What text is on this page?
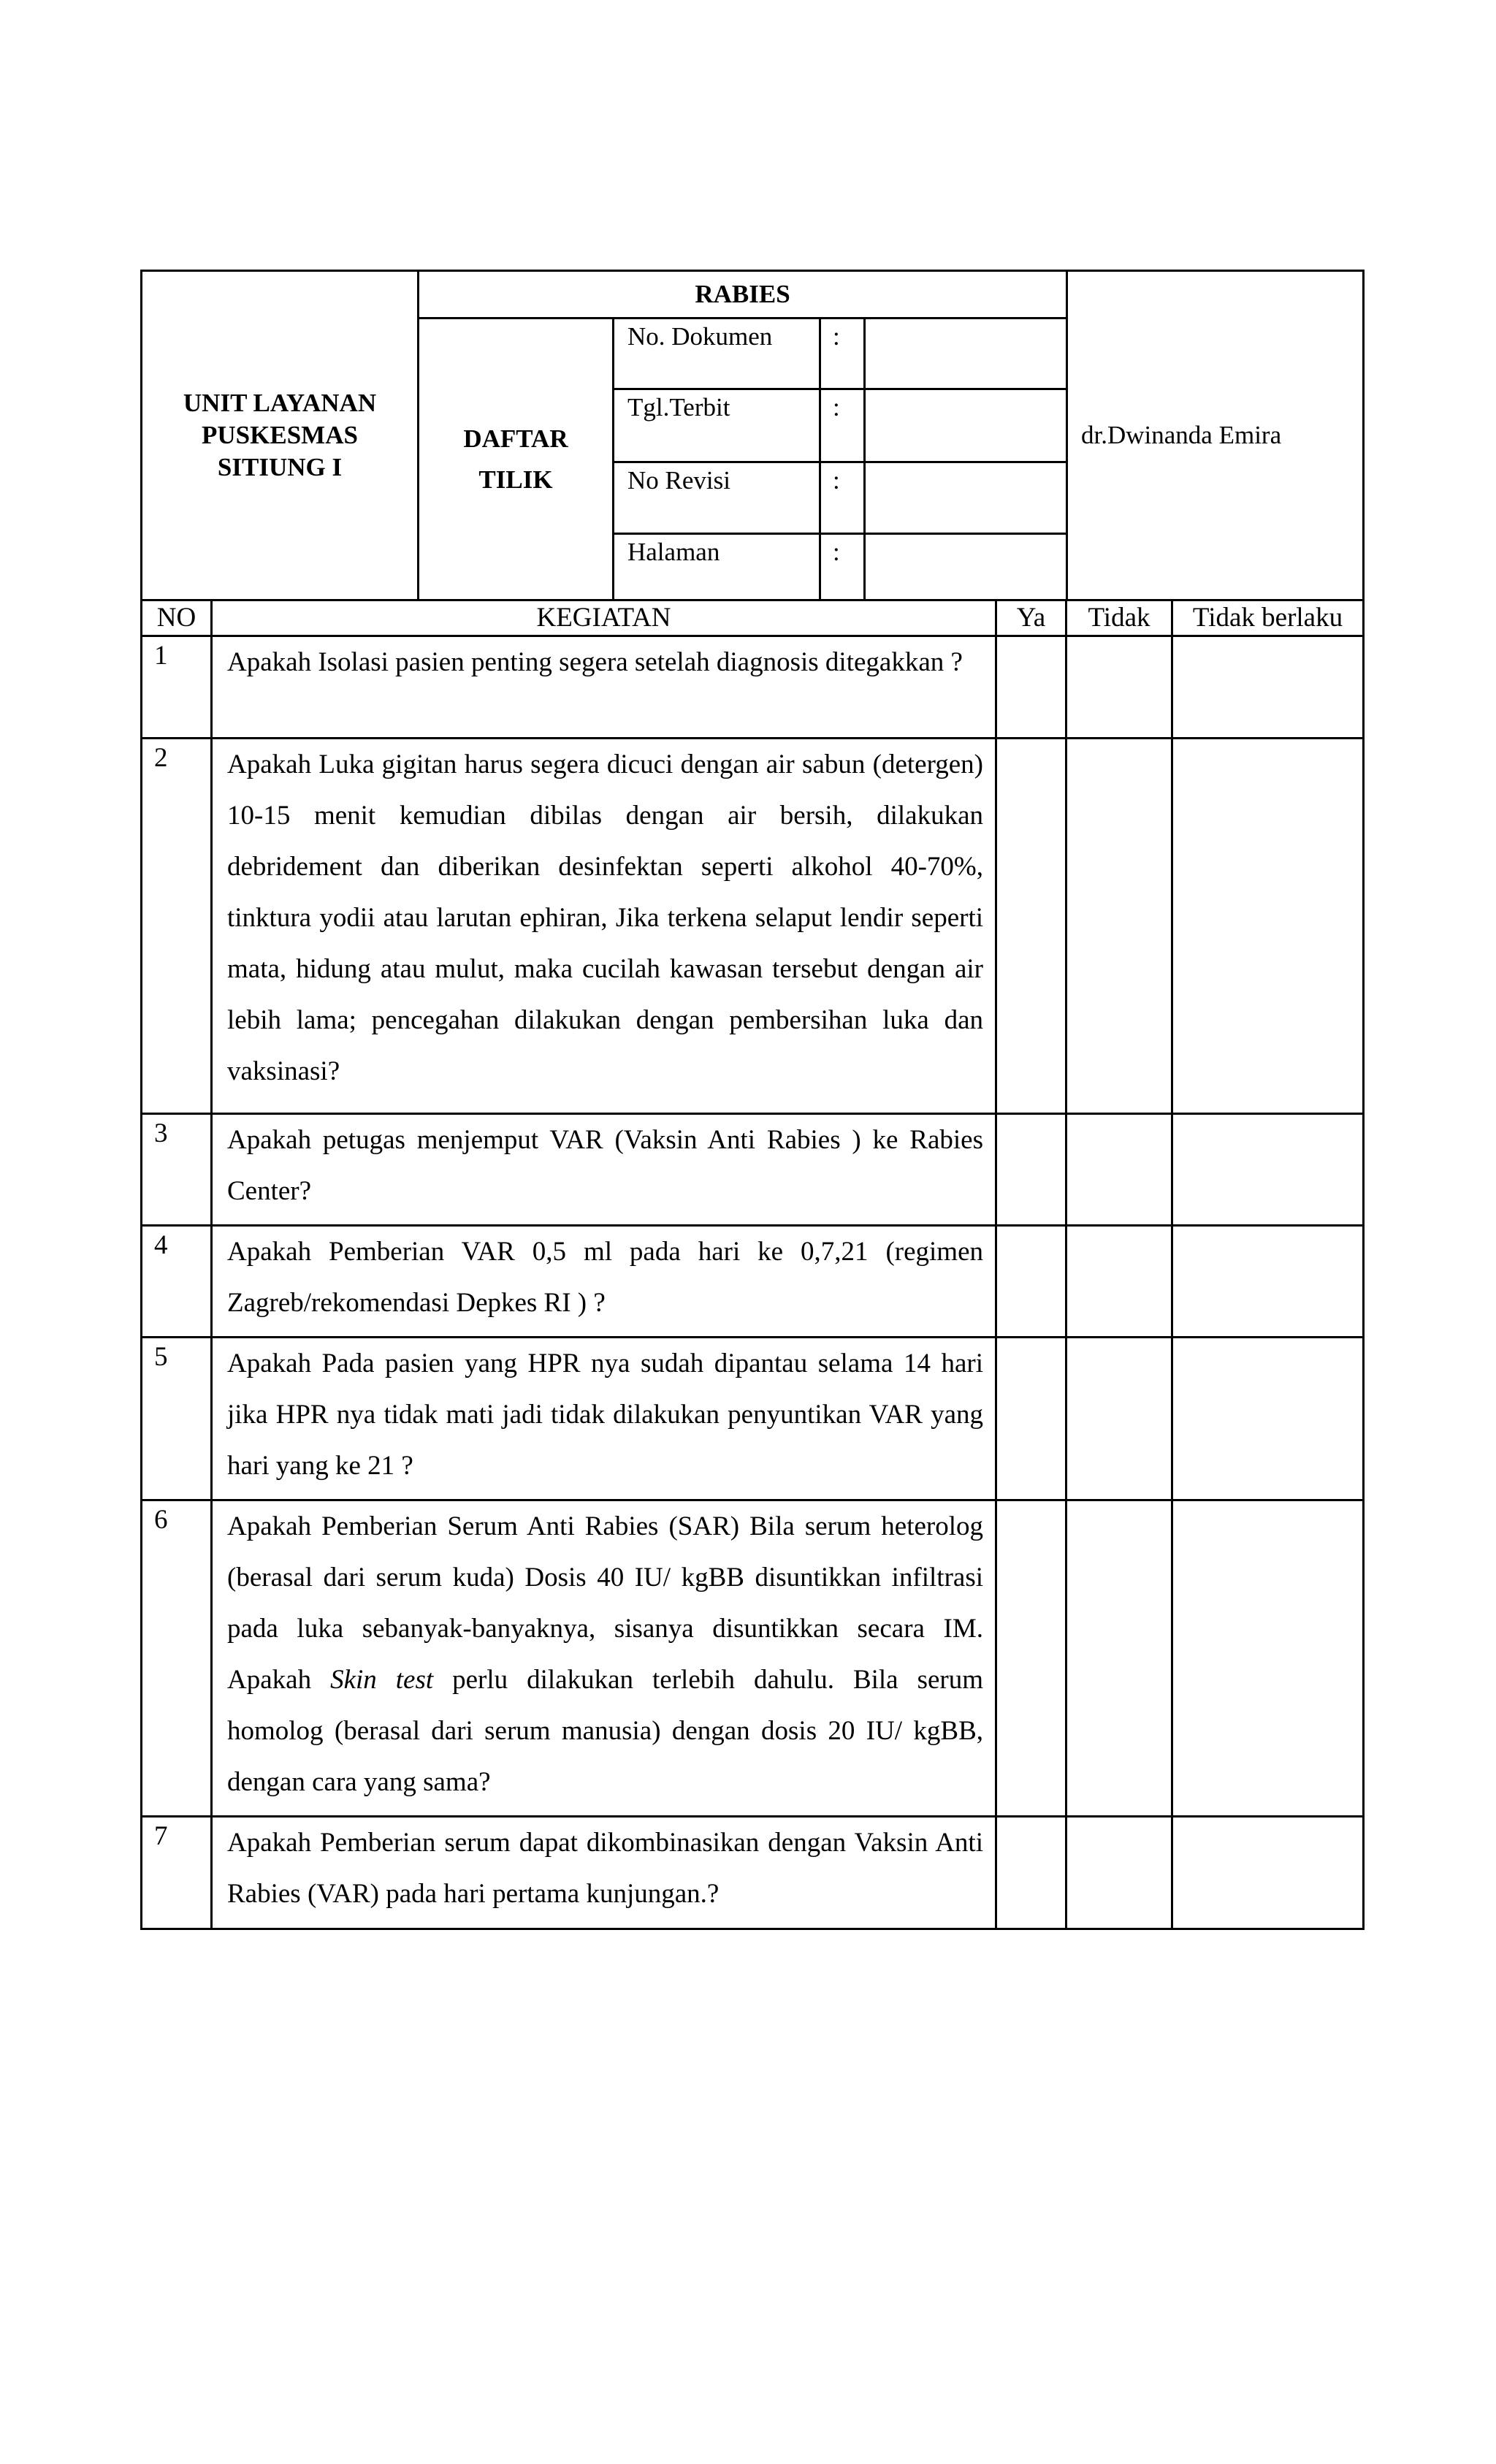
UNIT LAYANAN PUSKESMAS SITIUNG I	RABIES				dr.Dwinanda Emira
	DAFTAR TILIK	No. Dokumen	:		
		Tgl.Terbit	:		
		No Revisi	:		
		Halaman	:		
NO	KEGIATAN	Ya	Tidak	Tidak berlaku
1	Apakah Isolasi pasien penting segera setelah diagnosis ditegakkan ?			
2	Apakah Luka gigitan harus segera dicuci dengan air sabun (detergen) 10-15 menit kemudian dibilas dengan air bersih, dilakukan debridement dan diberikan desinfektan seperti alkohol 40-70%, tinktura yodii atau larutan ephiran, Jika terkena selaput lendir seperti mata, hidung atau mulut, maka cucilah kawasan tersebut dengan air lebih lama; pencegahan dilakukan dengan pembersihan luka dan vaksinasi?			
3	Apakah petugas menjemput VAR (Vaksin Anti Rabies ) ke Rabies Center?			
4	Apakah Pemberian VAR 0,5 ml pada hari ke 0,7,21 (regimen Zagreb/rekomendasi Depkes RI ) ?			
5	Apakah Pada pasien yang HPR nya sudah dipantau selama 14 hari jika HPR nya tidak mati jadi tidak dilakukan penyuntikan VAR yang hari yang ke 21 ?			
6	Apakah Pemberian Serum Anti Rabies (SAR) Bila serum heterolog (berasal dari serum kuda) Dosis 40 IU/ kgBB disuntikkan infiltrasi pada luka sebanyak-banyaknya, sisanya disuntikkan secara IM. Apakah Skin test perlu dilakukan terlebih dahulu. Bila serum homolog (berasal dari serum manusia) dengan dosis 20 IU/ kgBB, dengan cara yang sama?			
7	Apakah Pemberian serum dapat dikombinasikan dengan Vaksin Anti Rabies (VAR) pada hari pertama kunjungan.?			
